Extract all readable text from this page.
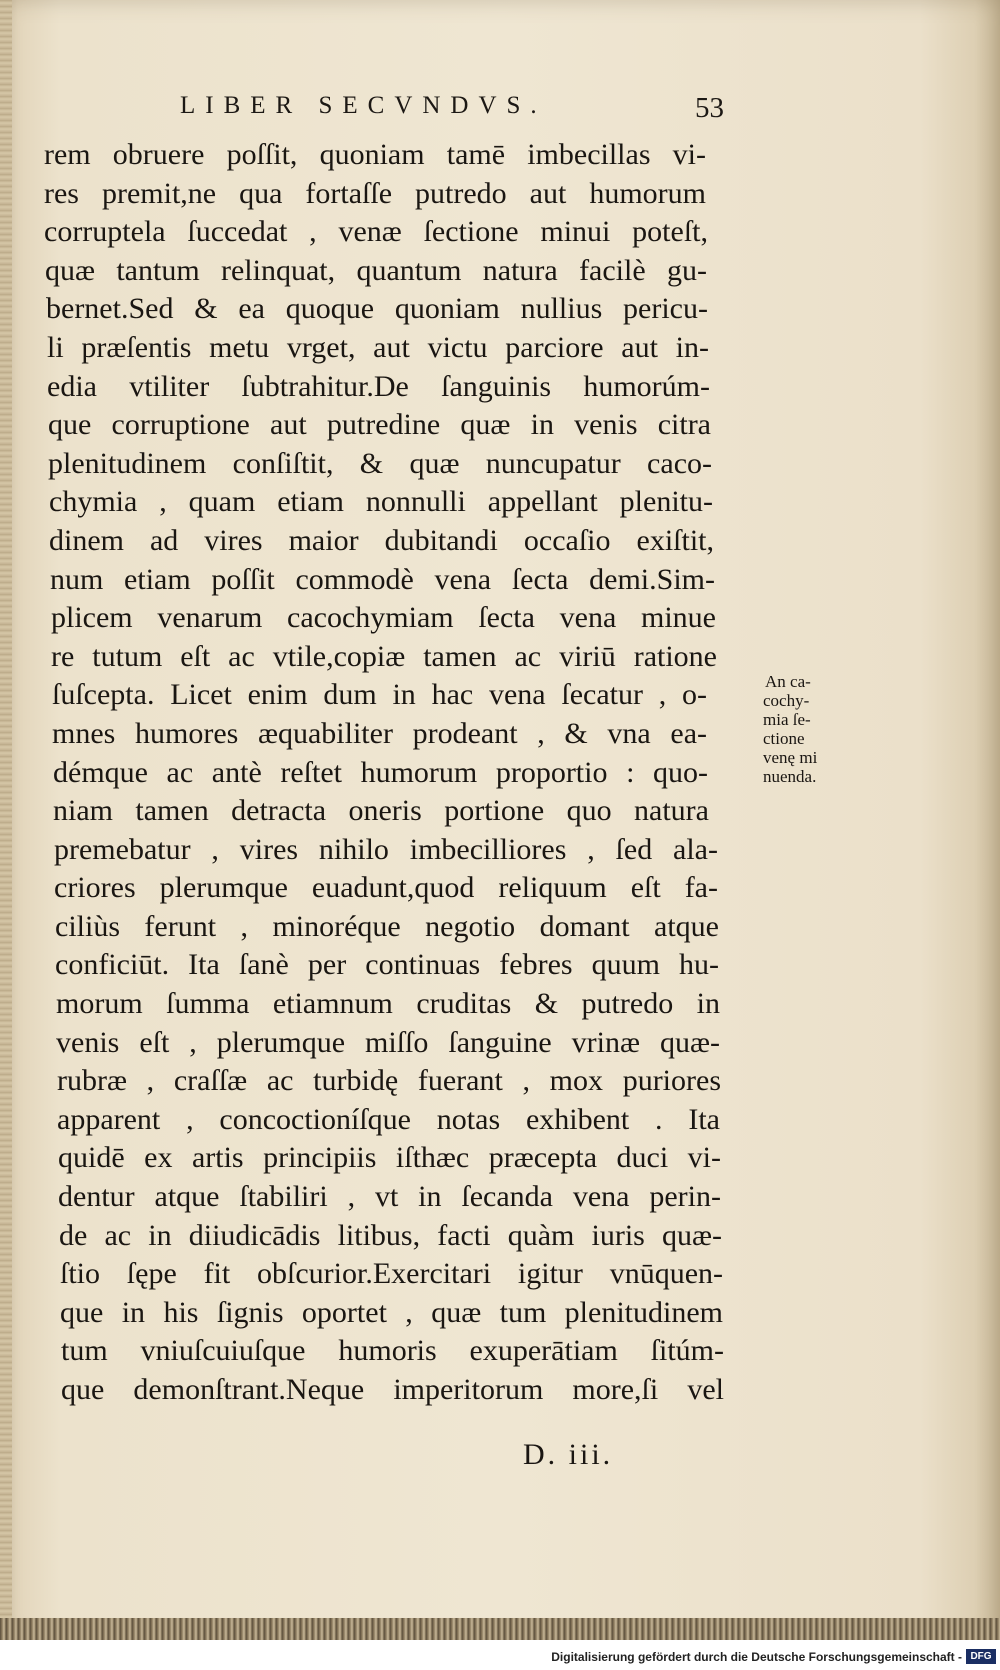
LIBER SECVNDVS.	53
rem obruere poſſit, quoniam tamē imbecillas vi-
res premit,ne qua fortaſſe putredo aut humorum
corruptela ſuccedat , venæ ſectione minui poteſt,
quæ tantum relinquat, quantum natura facilè gu-
bernet.Sed & ea quoque quoniam nullius pericu-
li præſentis metu vrget, aut victu parciore aut in-
edia vtiliter ſubtrahitur.De ſanguinis humorúm-
que corruptione aut putredine quæ in venis citra
plenitudinem conſiſtit, & quæ nuncupatur caco-
chymia , quam etiam nonnulli appellant plenitu-
dinem ad vires maior dubitandi occaſio exiſtit,
num etiam poſſit commodè vena ſecta demi.Sim-
plicem venarum cacochymiam ſecta vena minue
re tutum eſt ac vtile,copiæ tamen ac viriū ratione
ſuſcepta. Licet enim dum in hac vena ſecatur , o-
mnes humores æquabiliter prodeant , & vna ea-
démque ac antè reſtet humorum proportio : quo-
niam tamen detracta oneris portione quo natura
premebatur , vires nihilo imbecilliores , ſed ala-
criores plerumque euadunt,quod reliquum eſt fa-
ciliùs ferunt , minoréque negotio domant atque
conficiūt. Ita ſanè per continuas febres quum hu-
morum ſumma etiamnum cruditas & putredo in
venis eſt , plerumque miſſo ſanguine vrinæ quæ-
rubræ , craſſæ ac turbidę fuerant , mox puriores
apparent , concoctioníſque notas exhibent . Ita
quidē ex artis principiis iſthæc præcepta duci vi-
dentur atque ſtabiliri , vt in ſecanda vena perin-
de ac in diiudicādis litibus, facti quàm iuris quæ-
ſtio ſępe fit obſcurior.Exercitari igitur vnūquen-
que in his ſignis oportet , quæ tum plenitudinem
tum vniuſcuiuſque humoris exuperātiam ſitúm-
que demonſtrant.Neque imperitorum more,ſi vel
An ca-
cochy-
mia ſe-
ctione
venę mi
nuenda.
D. iii.
Digitalisierung gefördert durch die Deutsche Forschungsgemeinschaft - DFG
